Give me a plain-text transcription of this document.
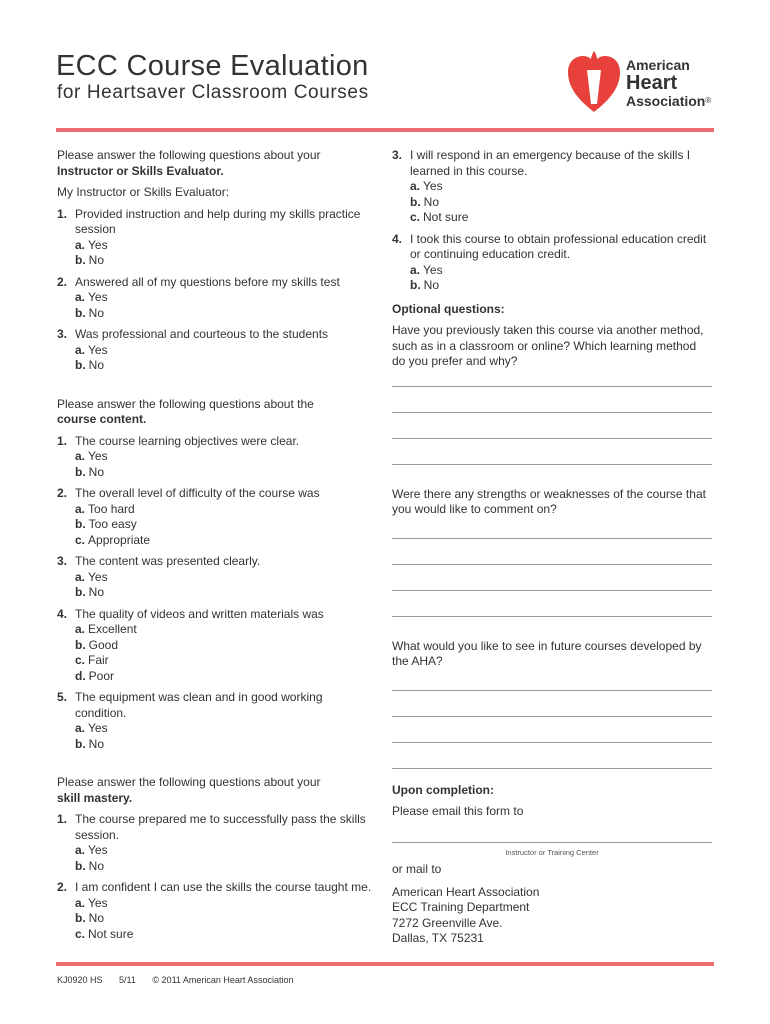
ECC Course Evaluation
for Heartsaver Classroom Courses
American
Heart
Association®

Please answer the following questions about your
Instructor or Skills Evaluator.

My Instructor or Skills Evaluator:

1. Provided instruction and help during my skills practice session
a. Yes
b. No
2. Answered all of my questions before my skills test
a. Yes
b. No
3. Was professional and courteous to the students
a. Yes
b. No

Please answer the following questions about the
course content.

1. The course learning objectives were clear.
a. Yes
b. No
2. The overall level of difficulty of the course was
a. Too hard
b. Too easy
c. Appropriate
3. The content was presented clearly.
a. Yes
b. No
4. The quality of videos and written materials was
a. Excellent
b. Good
c. Fair
d. Poor
5. The equipment was clean and in good working condition.
a. Yes
b. No

Please answer the following questions about your
skill mastery.

1. The course prepared me to successfully pass the skills session.
a. Yes
b. No
2. I am confident I can use the skills the course taught me.
a. Yes
b. No
c. Not sure
3. I will respond in an emergency because of the skills I learned in this course.
a. Yes
b. No
c. Not sure
4. I took this course to obtain professional education credit or continuing education credit.
a. Yes
b. No

Optional questions:

Have you previously taken this course via another method, such as in a classroom or online? Which learning method do you prefer and why?

Were there any strengths or weaknesses of the course that you would like to comment on?

What would you like to see in future courses developed by the AHA?

Upon completion:

Please email this form to

Instructor or Training Center

or mail to

American Heart Association
ECC Training Department
7272 Greenville Ave.
Dallas, TX 75231
KJ0920 HS 5/11 © 2011 American Heart Association
